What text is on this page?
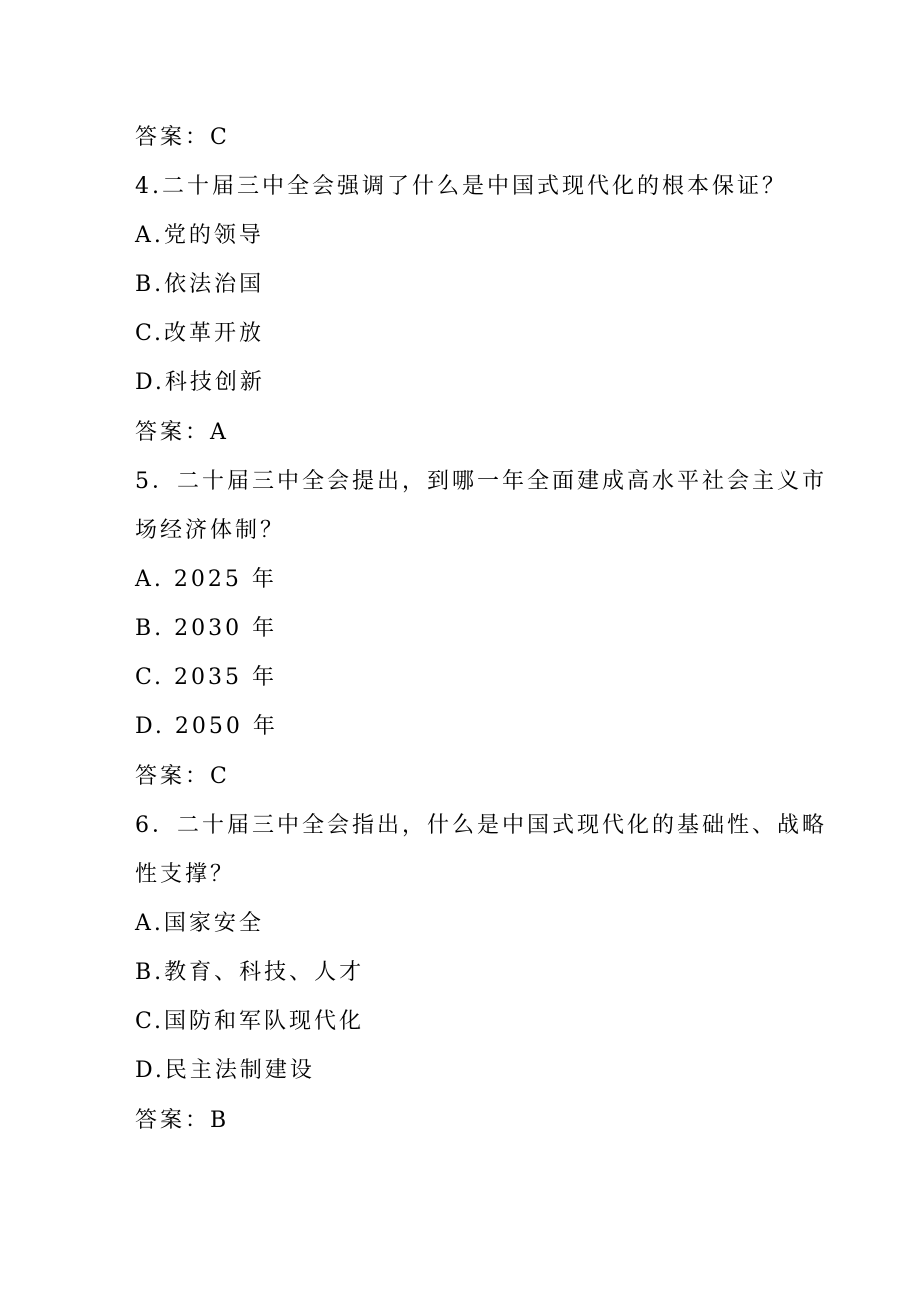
答案：C
4.二十届三中全会强调了什么是中国式现代化的根本保证？
A.党的领导
B.依法治国
C.改革开放
D.科技创新
答案：A
5．二十届三中全会提出，到哪一年全面建成高水平社会主义市
场经济体制？
A. 2025 年
B. 2030 年
C. 2035 年
D. 2050 年
答案：C
6．二十届三中全会指出，什么是中国式现代化的基础性、战略
性支撑？
A.国家安全
B.教育、科技、人才
C.国防和军队现代化
D.民主法制建设
答案：B
